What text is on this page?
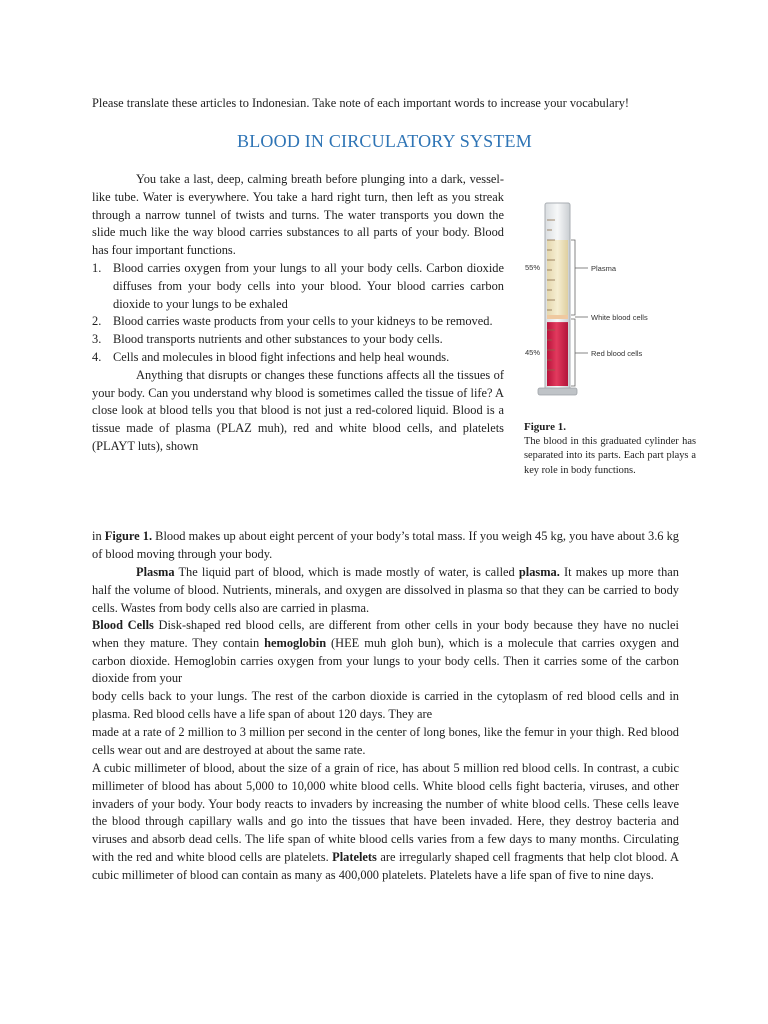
Please translate these articles to Indonesian. Take note of each important words to increase your vocabulary!
BLOOD IN CIRCULATORY SYSTEM
You take a last, deep, calming breath before plunging into a dark, vessel-like tube. Water is everywhere. You take a hard right turn, then left as you streak through a narrow tunnel of twists and turns. The water transports you down the slide much like the way blood carries substances to all parts of your body. Blood has four important functions.
1. Blood carries oxygen from your lungs to all your body cells. Carbon dioxide diffuses from your body cells into your blood. Your blood carries carbon dioxide to your lungs to be exhaled
2. Blood carries waste products from your cells to your kidneys to be removed.
3. Blood transports nutrients and other substances to your body cells.
4. Cells and molecules in blood fight infections and help heal wounds.
Anything that disrupts or changes these functions affects all the tissues of your body. Can you understand why blood is sometimes called the tissue of life? A close look at blood tells you that blood is not just a red-colored liquid. Blood is a tissue made of plasma (PLAZ muh), red and white blood cells, and platelets (PLAYT luts), shown
55%	Plasma
White blood cells
45%	Red blood cells
Figure 1.
The blood in this graduated cylinder has separated into its parts. Each part plays a key role in body functions.
in Figure 1. Blood makes up about eight percent of your body’s total mass. If you weigh 45 kg, you have about 3.6 kg of blood moving through your body.
Plasma The liquid part of blood, which is made mostly of water, is called plasma. It makes up more than half the volume of blood. Nutrients, minerals, and oxygen are dissolved in plasma so that they can be carried to body cells. Wastes from body cells also are carried in plasma.
Blood Cells Disk-shaped red blood cells, are different from other cells in your body because they have no nuclei when they mature. They contain hemoglobin (HEE muh gloh bun), which is a molecule that carries oxygen and carbon dioxide. Hemoglobin carries oxygen from your lungs to your body cells. Then it carries some of the carbon dioxide from your
body cells back to your lungs. The rest of the carbon dioxide is carried in the cytoplasm of red blood cells and in plasma. Red blood cells have a life span of about 120 days. They are
made at a rate of 2 million to 3 million per second in the center of long bones, like the femur in your thigh. Red blood cells wear out and are destroyed at about the same rate.
A cubic millimeter of blood, about the size of a grain of rice, has about 5 million red blood cells. In contrast, a cubic millimeter of blood has about 5,000 to 10,000 white blood cells. White blood cells fight bacteria, viruses, and other invaders of your body. Your body reacts to invaders by increasing the number of white blood cells. These cells leave the blood through capillary walls and go into the tissues that have been invaded. Here, they destroy bacteria and viruses and absorb dead cells. The life span of white blood cells varies from a few days to many months. Circulating with the red and white blood cells are platelets. Platelets are irregularly shaped cell fragments that help clot blood. A cubic millimeter of blood can contain as many as 400,000 platelets. Platelets have a life span of five to nine days.
